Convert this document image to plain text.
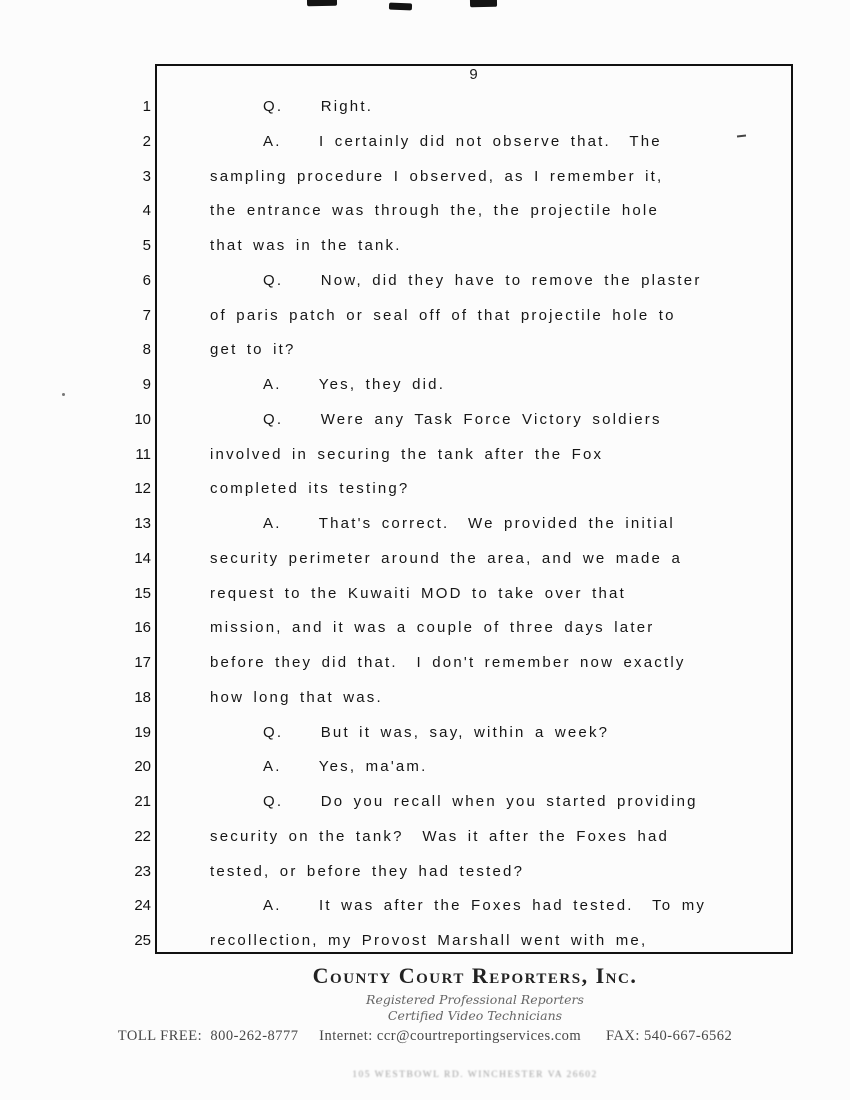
9
1	Q.    Right.
2	A.    I certainly did not observe that.  The
3	sampling procedure I observed, as I remember it,
4	the entrance was through the, the projectile hole
5	that was in the tank.
6	Q.    Now, did they have to remove the plaster
7	of paris patch or seal off of that projectile hole to
8	get to it?
9	A.    Yes, they did.
10	Q.    Were any Task Force Victory soldiers
11	involved in securing the tank after the Fox
12	completed its testing?
13	A.    That's correct.  We provided the initial
14	security perimeter around the area, and we made a
15	request to the Kuwaiti MOD to take over that
16	mission, and it was a couple of three days later
17	before they did that.  I don't remember now exactly
18	how long that was.
19	Q.    But it was, say, within a week?
20	A.    Yes, ma'am.
21	Q.    Do you recall when you started providing
22	security on the tank?  Was it after the Foxes had
23	tested, or before they had tested?
24	A.    It was after the Foxes had tested.  To my
25	recollection, my Provost Marshall went with me,
County Court Reporters, Inc.
Registered Professional Reporters
Certified Video Technicians
TOLL FREE:  800-262-8777     Internet: ccr@courtreportingservices.com      FAX: 540-667-6562
105 WESTBOWL RD. WINCHESTER VA 26602
